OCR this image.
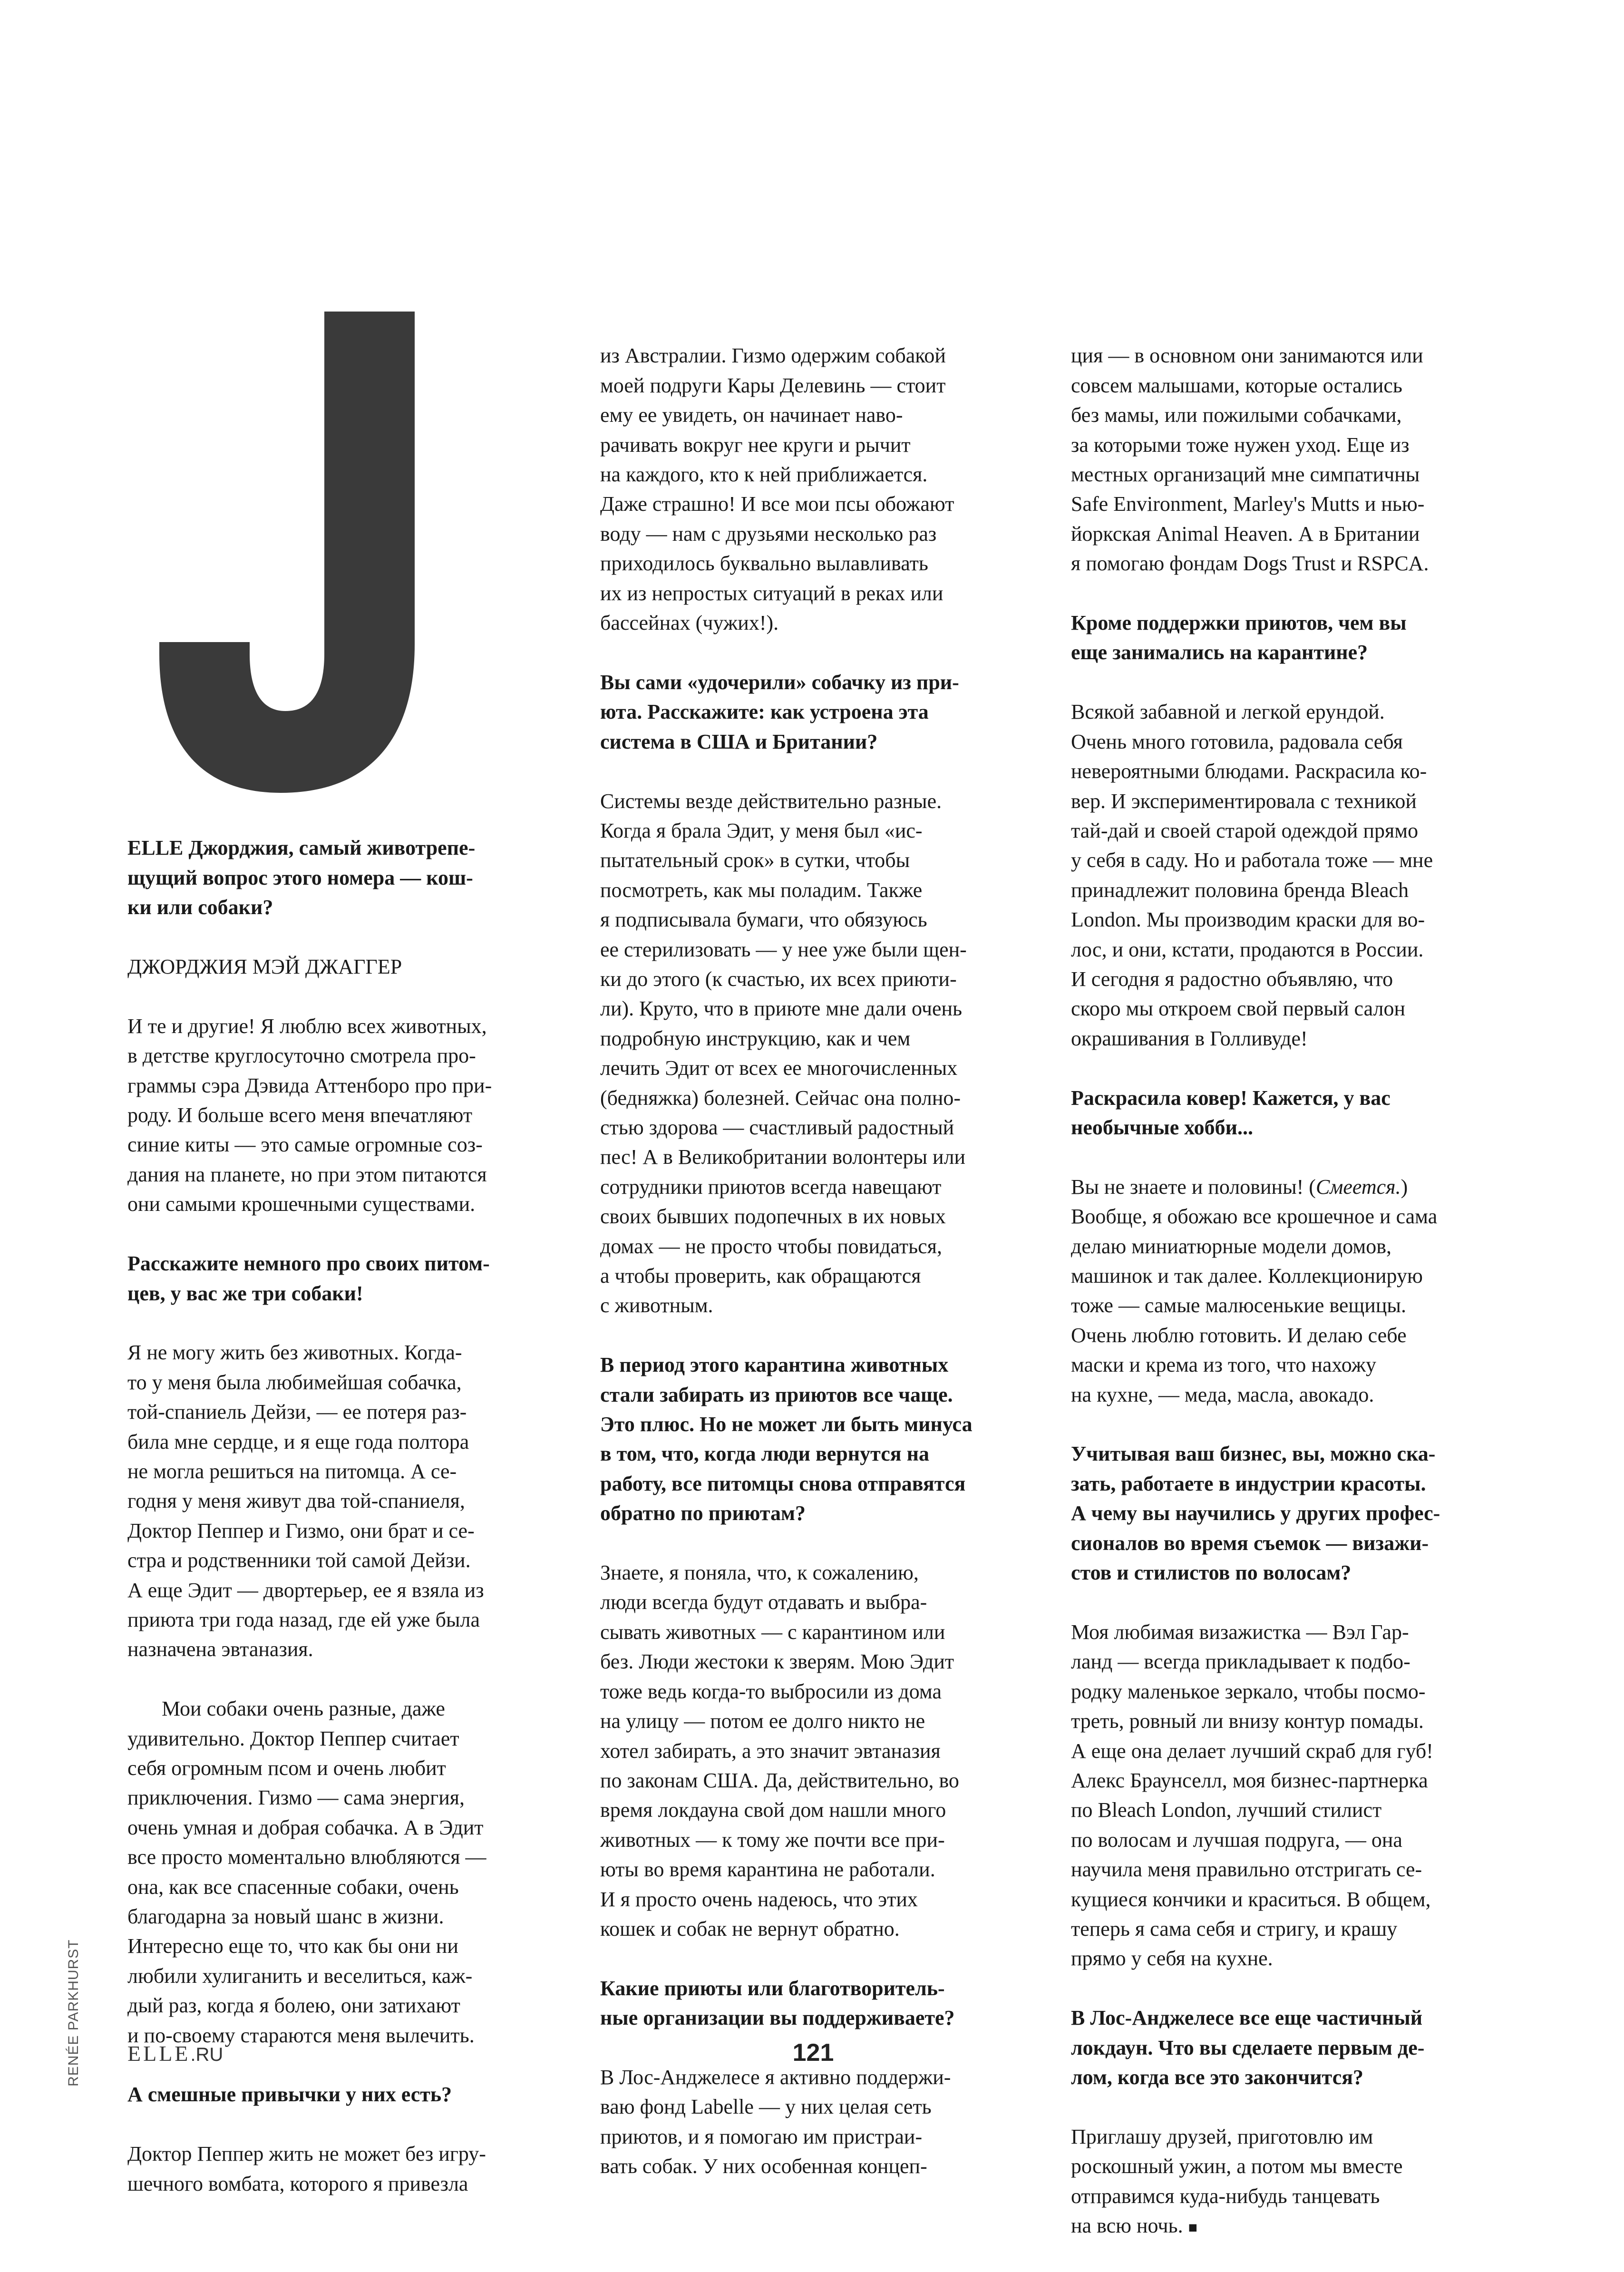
J

ELLE Джорджия, самый животрепе-
щущий вопрос этого номера — кош-
ки или собаки?

ДЖОРДЖИЯ МЭЙ ДЖАГГЕР

И те и другие! Я люблю всех животных,
в детстве круглосуточно смотрела про-
граммы сэра Дэвида Аттенборо про при-
роду. И больше всего меня впечатляют
синие киты — это самые огромные соз-
дания на планете, но при этом питаются
они самыми крошечными существами.

Расскажите немного про своих питом-
цев, у вас же три собаки!

Я не могу жить без животных. Когда-
то у меня была любимейшая собачка,
той-спаниель Дейзи, — ее потеря раз-
била мне сердце, и я еще года полтора
не могла решиться на питомца. А се-
годня у меня живут два той-спаниеля,
Доктор Пеппер и Гизмо, они брат и се-
стра и родственники той самой Дейзи.
А еще Эдит — двортерьер, ее я взяла из
приюта три года назад, где ей уже была
назначена эвтаназия.

Мои собаки очень разные, даже
удивительно. Доктор Пеппер считает
себя огромным псом и очень любит
приключения. Гизмо — сама энергия,
очень умная и добрая собачка. А в Эдит
все просто моментально влюбляются —
она, как все спасенные собаки, очень
благодарна за новый шанс в жизни.
Интересно еще то, что как бы они ни
любили хулиганить и веселиться, каж-
дый раз, когда я болею, они затихают
и по-своему стараются меня вылечить.

А смешные привычки у них есть?

Доктор Пеппер жить не может без игру-
шечного вомбата, которого я привезла

из Австралии. Гизмо одержим собакой
моей подруги Кары Делевинь — стоит
ему ее увидеть, он начинает наво-
рачивать вокруг нее круги и рычит
на каждого, кто к ней приближается.
Даже страшно! И все мои псы обожают
воду — нам с друзьями несколько раз
приходилось буквально вылавливать
их из непростых ситуаций в реках или
бассейнах (чужих!).

Вы сами «удочерили» собачку из при-
юта. Расскажите: как устроена эта
система в США и Британии?

Системы везде действительно разные.
Когда я брала Эдит, у меня был «ис-
пытательный срок» в сутки, чтобы
посмотреть, как мы поладим. Также
я подписывала бумаги, что обязуюсь
ее стерилизовать — у нее уже были щен-
ки до этого (к счастью, их всех приюти-
ли). Круто, что в приюте мне дали очень
подробную инструкцию, как и чем
лечить Эдит от всех ее многочисленных
(бедняжка) болезней. Сейчас она полно-
стью здорова — счастливый радостный
пес! А в Великобритании волонтеры или
сотрудники приютов всегда навещают
своих бывших подопечных в их новых
домах — не просто чтобы повидаться,
а чтобы проверить, как обращаются
с животным.

В период этого карантина животных
стали забирать из приютов все чаще.
Это плюс. Но не может ли быть минуса
в том, что, когда люди вернутся на
работу, все питомцы снова отправятся
обратно по приютам?

Знаете, я поняла, что, к сожалению,
люди всегда будут отдавать и выбра-
сывать животных — с карантином или
без. Люди жестоки к зверям. Мою Эдит
тоже ведь когда-то выбросили из дома
на улицу — потом ее долго никто не
хотел забирать, а это значит эвтаназия
по законам США. Да, действительно, во
время локдауна свой дом нашли много
животных — к тому же почти все при-
юты во время карантина не работали.
И я просто очень надеюсь, что этих
кошек и собак не вернут обратно.

Какие приюты или благотворитель-
ные организации вы поддерживаете?

В Лос-Анджелесе я активно поддержи-
ваю фонд Labelle — у них целая сеть
приютов, и я помогаю им пристраи-
вать собак. У них особенная концеп-

ция — в основном они занимаются или
совсем малышами, которые остались
без мамы, или пожилыми собачками,
за которыми тоже нужен уход. Еще из
местных организаций мне симпатичны
Safe Environment, Marley's Mutts и нью-
йоркская Animal Heaven. А в Британии
я помогаю фондам Dogs Trust и RSPCA.

Кроме поддержки приютов, чем вы
еще занимались на карантине?

Всякой забавной и легкой ерундой.
Очень много готовила, радовала себя
невероятными блюдами. Раскрасила ко-
вер. И экспериментировала с техникой
тай-дай и своей старой одеждой прямо
у себя в саду. Но и работала тоже — мне
принадлежит половина бренда Bleach
London. Мы производим краски для во-
лос, и они, кстати, продаются в России.
И сегодня я радостно объявляю, что
скоро мы откроем свой первый салон
окрашивания в Голливуде!

Раскрасила ковер! Кажется, у вас
необычные хобби...

Вы не знаете и половины! (Смеется.)
Вообще, я обожаю все крошечное и сама
делаю миниатюрные модели домов,
машинок и так далее. Коллекционирую
тоже — самые малюсенькие вещицы.
Очень люблю готовить. И делаю себе
маски и крема из того, что нахожу
на кухне, — меда, масла, авокадо.

Учитывая ваш бизнес, вы, можно ска-
зать, работаете в индустрии красоты.
А чему вы научились у других профес-
сионалов во время съемок — визажи-
стов и стилистов по волосам?

Моя любимая визажистка — Вэл Гар-
ланд — всегда прикладывает к подбо-
родку маленькое зеркало, чтобы посмо-
треть, ровный ли внизу контур помады.
А еще она делает лучший скраб для губ!
Алекс Браунселл, моя бизнес-партнерка
по Bleach London, лучший стилист
по волосам и лучшая подруга, — она
научила меня правильно отстригать се-
кущиеся кончики и краситься. В общем,
теперь я сама себя и стригу, и крашу
прямо у себя на кухне.

В Лос-Анджелесе все еще частичный
локдаун. Что вы сделаете первым де-
лом, когда все это закончится?

Приглашу друзей, приготовлю им
роскошный ужин, а потом мы вместе
отправимся куда-нибудь танцевать
на всю ночь. ■

RENÉE PARKHURST ELLE.RU	121
